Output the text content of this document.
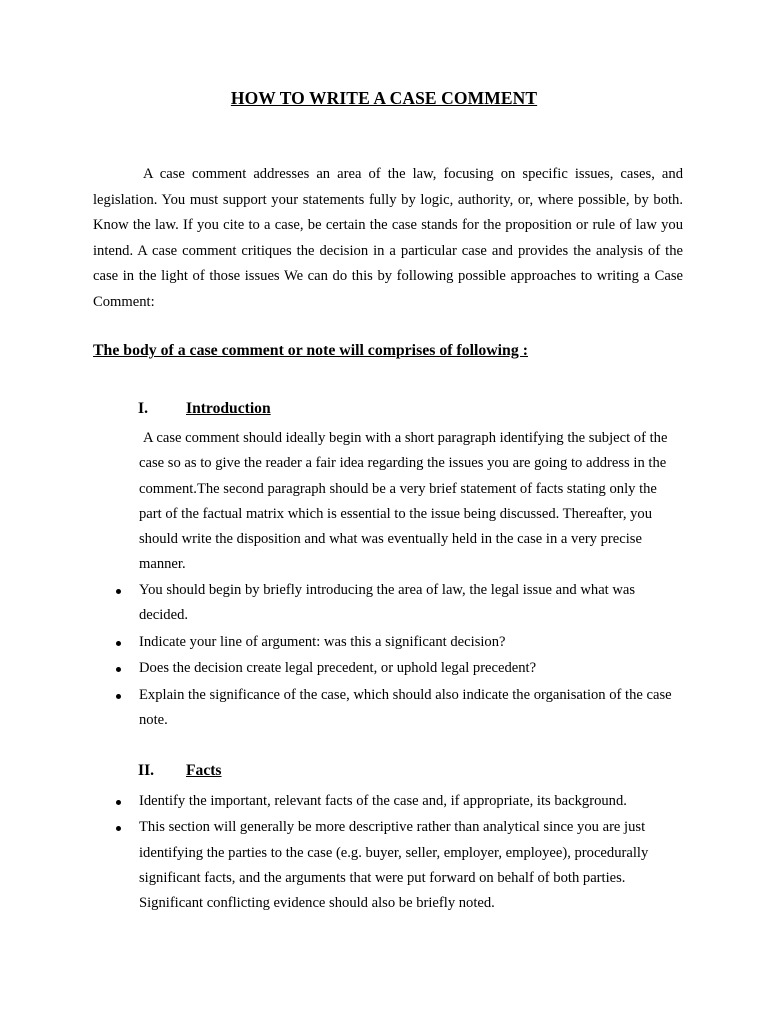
HOW TO WRITE A CASE COMMENT

A case comment addresses an area of the law, focusing on specific issues, cases, and legislation. You must support your statements fully by logic, authority, or, where possible, by both. Know the law. If you cite to a case, be certain the case stands for the proposition or rule of law you intend. A case comment critiques the decision in a particular case and provides the analysis of the case in the light of those issues We can do this by following possible approaches to writing a Case Comment:

The body of a case comment or note will comprises of following :
I. Introduction

A case comment should ideally begin with a short paragraph identifying the subject of the case so as to give the reader a fair idea regarding the issues you are going to address in the comment.The second paragraph should be a very brief statement of facts stating only the part of the factual matrix which is essential to the issue being discussed. Thereafter, you should write the disposition and what was eventually held in the case in a very precise manner.

You should begin by briefly introducing the area of law, the legal issue and what was decided.
Indicate your line of argument: was this a significant decision?
Does the decision create legal precedent, or uphold legal precedent?
Explain the significance of the case, which should also indicate the organisation of the case note.
II. Facts
Identify the important, relevant facts of the case and, if appropriate, its background.
This section will generally be more descriptive rather than analytical since you are just identifying the parties to the case (e.g. buyer, seller, employer, employee), procedurally significant facts, and the arguments that were put forward on behalf of both parties. Significant conflicting evidence should also be briefly noted.
